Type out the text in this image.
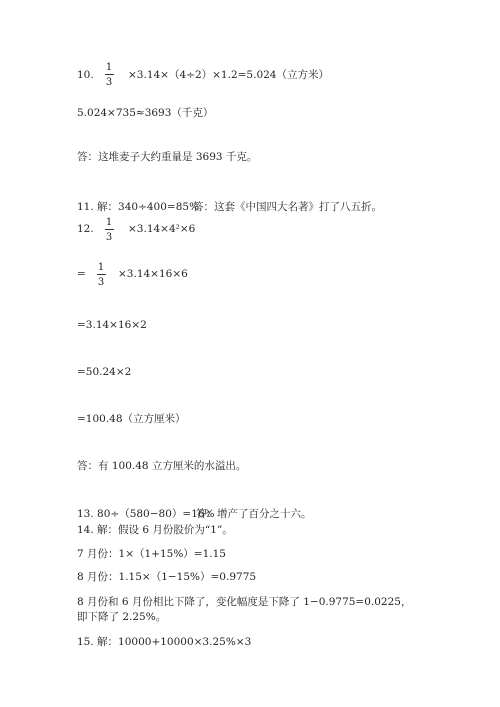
10.
1
3
×3.14×（4÷2）×1.2=5.024（立方米）
5.024×735≈3693（千克）
答：这堆麦子大约重量是 3693 千克。
11. 解：340÷400=85%
答：这套《中国四大名著》打了八五折。
12.
1
3
×3.14×4²×6
=
1
3
×3.14×16×6
=3.14×16×2
=50.24×2
=100.48（立方厘米）
答：有 100.48 立方厘米的水溢出。
13. 80÷（580−80）=16%
答：增产了百分之十六。
14. 解：假设 6 月份股价为“1”。
7 月份：1×（1+15%）=1.15
8 月份：1.15×（1−15%）=0.9775
8 月份和 6 月份相比下降了，变化幅度是下降了 1−0.9775=0.0225，即下降了 2.25%。
15. 解：10000+10000×3.25%×3
